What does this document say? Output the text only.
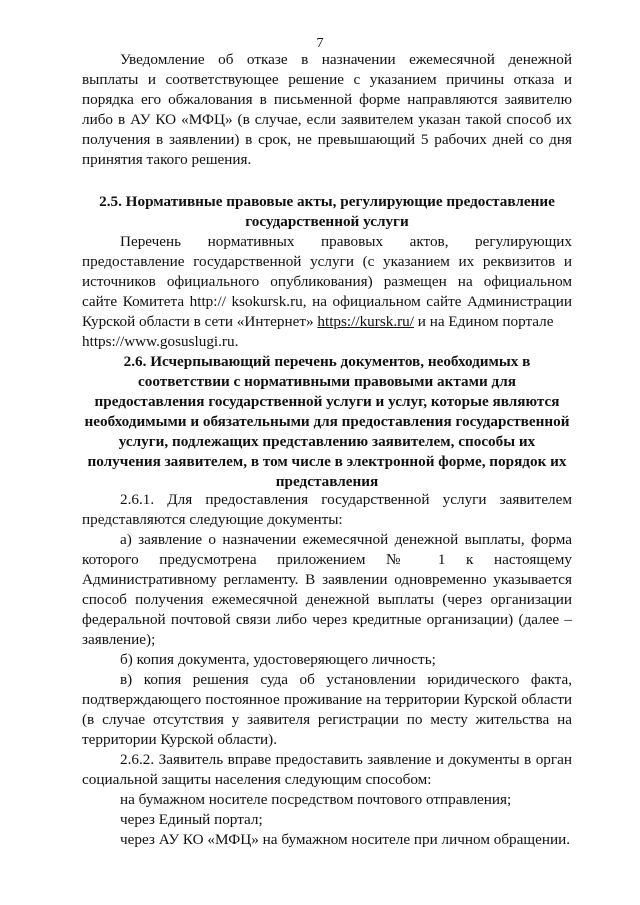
7
Уведомление об отказе в назначении ежемесячной денежной
выплаты и соответствующее решение с указанием причины отказа и
порядка его обжалования в письменной форме направляются заявителю
либо в АУ КО «МФЦ» (в случае, если заявителем указан такой способ их
получения в заявлении) в срок, не превышающий 5 рабочих дней со дня
принятия такого решения.
2.5. Нормативные правовые акты, регулирующие предоставление
государственной услуги
Перечень нормативных правовых актов, регулирующих
предоставление государственной услуги (с указанием их реквизитов и
источников официального опубликования) размещен на официальном
сайте Комитета http:// ksokursk.ru, на официальном сайте Администрации
Курской области в сети «Интернет» https://kursk.ru/ и на Едином портале
https://www.gosuslugi.ru.
2.6. Исчерпывающий перечень документов, необходимых в
соответствии с нормативными правовыми актами для
предоставления государственной услуги и услуг, которые являются
необходимыми и обязательными для предоставления государственной
услуги, подлежащих представлению заявителем, способы их
получения заявителем, в том числе в электронной форме, порядок их
представления
2.6.1. Для предоставления государственной услуги заявителем
представляются следующие документы:
а) заявление о назначении ежемесячной денежной выплаты, форма
которого предусмотрена приложением № 1 к настоящему
Административному регламенту. В заявлении одновременно указывается
способ получения ежемесячной денежной выплаты (через организации
федеральной почтовой связи либо через кредитные организации) (далее –
заявление);
б) копия документа, удостоверяющего личность;
в) копия решения суда об установлении юридического факта,
подтверждающего постоянное проживание на территории Курской области
(в случае отсутствия у заявителя регистрации по месту жительства на
территории Курской области).
2.6.2. Заявитель вправе предоставить заявление и документы в орган
социальной защиты населения следующим способом:
на бумажном носителе посредством почтового отправления;
через Единый портал;
через АУ КО «МФЦ» на бумажном носителе при личном обращении.
